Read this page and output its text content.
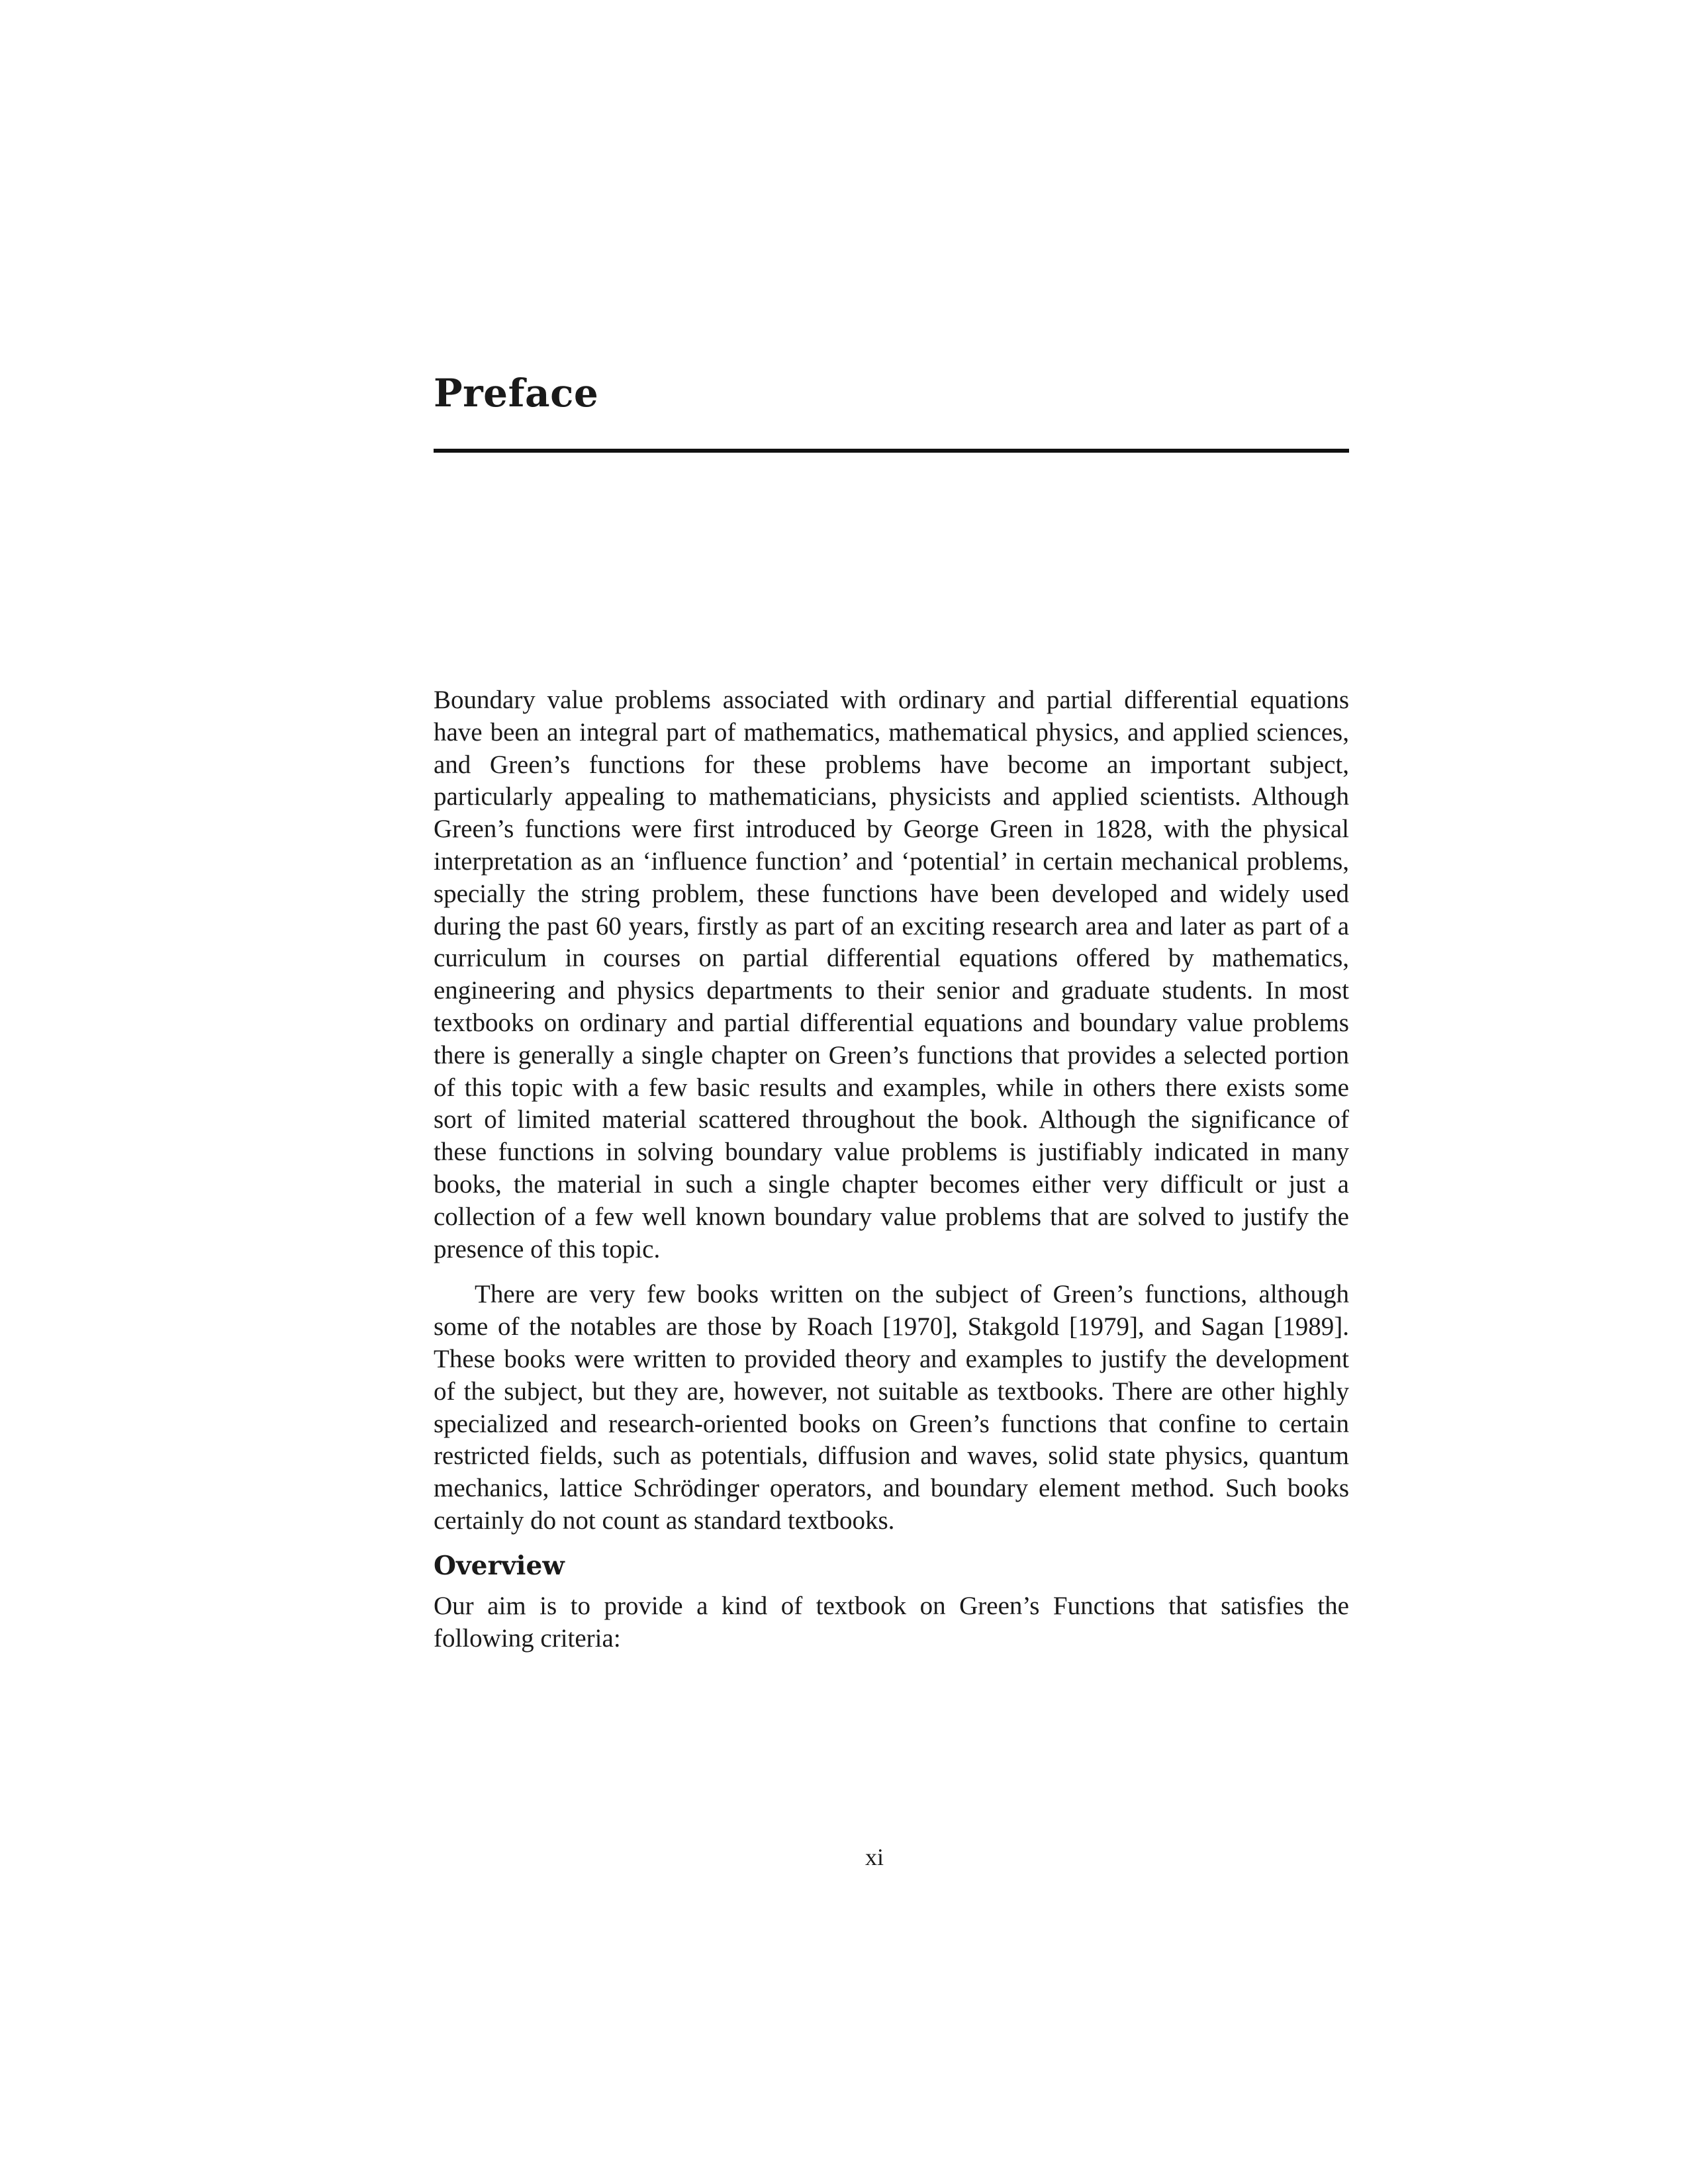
Preface

Boundary value problems associated with ordinary and partial differential equations have been an integral part of mathematics, mathematical physics, and applied sciences, and Green’s functions for these problems have become an important subject, particularly appealing to mathematicians, physicists and applied scientists. Although Green’s functions were first introduced by George Green in 1828, with the physical interpretation as an ‘influence function’ and ‘potential’ in certain mechanical problems, specially the string problem, these functions have been developed and widely used during the past 60 years, firstly as part of an exciting research area and later as part of a curriculum in courses on partial differential equations offered by mathematics, engineering and physics departments to their senior and graduate students. In most textbooks on ordinary and partial differential equations and boundary value problems there is generally a single chapter on Green’s functions that provides a selected portion of this topic with a few basic results and examples, while in others there exists some sort of limited material scattered throughout the book. Although the significance of these functions in solving boundary value problems is justifiably indicated in many books, the material in such a single chapter becomes either very difficult or just a collection of a few well known boundary value problems that are solved to justify the presence of this topic.

There are very few books written on the subject of Green’s functions, although some of the notables are those by Roach [1970], Stakgold [1979], and Sagan [1989]. These books were written to provided theory and examples to justify the development of the subject, but they are, however, not suitable as textbooks. There are other highly specialized and research-oriented books on Green’s functions that confine to certain restricted fields, such as potentials, diffusion and waves, solid state physics, quantum mechanics, lattice Schrödinger operators, and boundary element method. Such books certainly do not count as standard textbooks.

Overview

Our aim is to provide a kind of textbook on Green’s Functions that satisfies the following criteria:

xi
